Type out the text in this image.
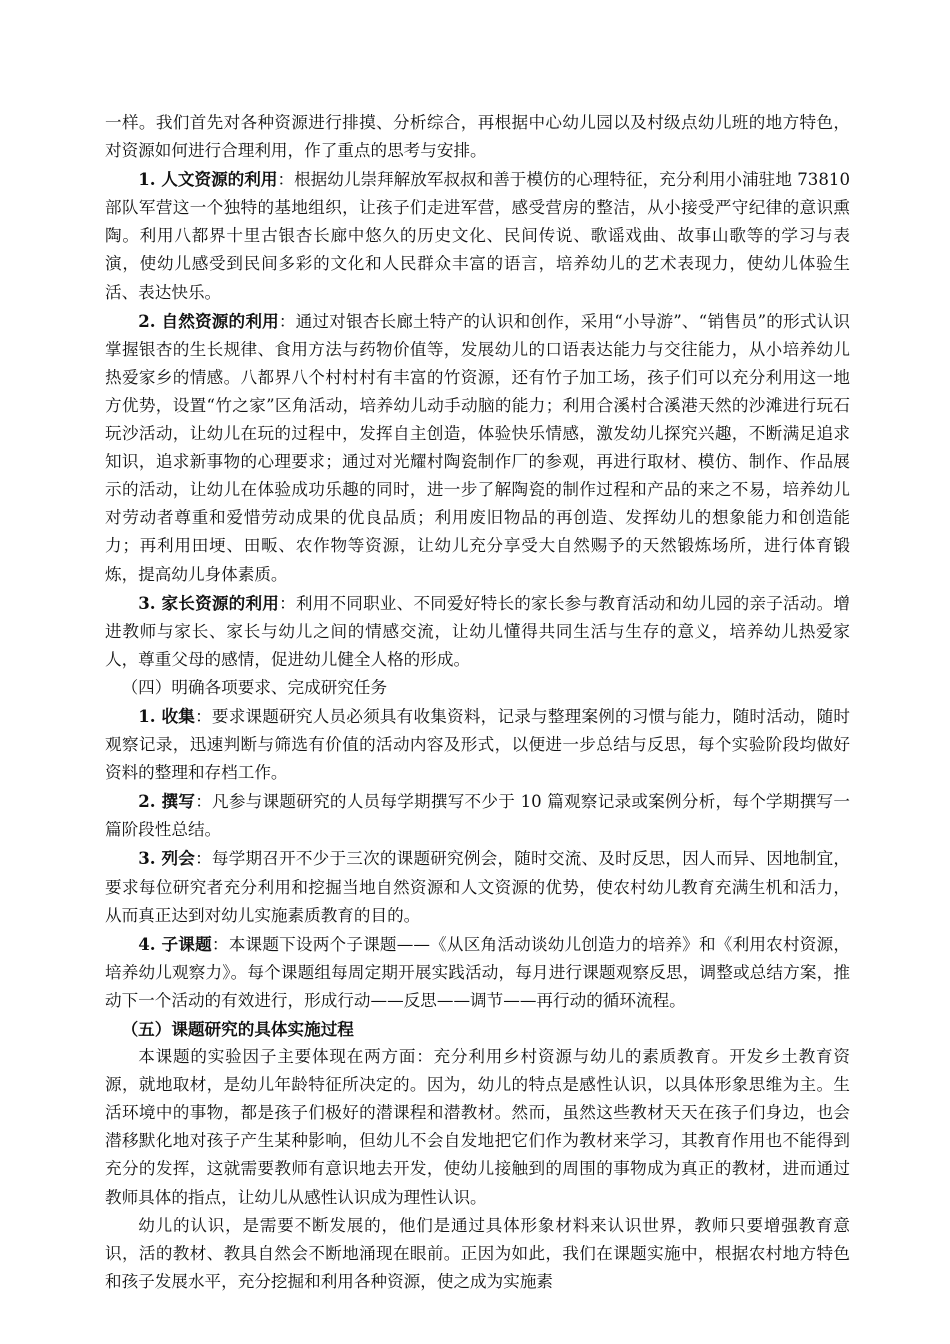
一样。我们首先对各种资源进行排摸、分析综合，再根据中心幼儿园以及村级点幼儿班的地方特色，对资源如何进行合理利用，作了重点的思考与安排。

1. 人文资源的利用：根据幼儿崇拜解放军叔叔和善于模仿的心理特征，充分利用小浦驻地 73810 部队军营这一个独特的基地组织，让孩子们走进军营，感受营房的整洁，从小接受严守纪律的意识熏陶。利用八都界十里古银杏长廊中悠久的历史文化、民间传说、歌谣戏曲、故事山歌等的学习与表演，使幼儿感受到民间多彩的文化和人民群众丰富的语言，培养幼儿的艺术表现力，使幼儿体验生活、表达快乐。

2. 自然资源的利用：通过对银杏长廊土特产的认识和创作，采用“小导游”、“销售员”的形式认识掌握银杏的生长规律、食用方法与药物价值等，发展幼儿的口语表达能力与交往能力，从小培养幼儿热爱家乡的情感。八都界八个村村村有丰富的竹资源，还有竹子加工场，孩子们可以充分利用这一地方优势，设置“竹之家”区角活动，培养幼儿动手动脑的能力；利用合溪村合溪港天然的沙滩进行玩石玩沙活动，让幼儿在玩的过程中，发挥自主创造，体验快乐情感，激发幼儿探究兴趣，不断满足追求知识，追求新事物的心理要求；通过对光耀村陶瓷制作厂的参观，再进行取材、模仿、制作、作品展示的活动，让幼儿在体验成功乐趣的同时，进一步了解陶瓷的制作过程和产品的来之不易，培养幼儿对劳动者尊重和爱惜劳动成果的优良品质；利用废旧物品的再创造、发挥幼儿的想象能力和创造能力；再利用田埂、田畈、农作物等资源，让幼儿充分享受大自然赐予的天然锻炼场所，进行体育锻炼，提高幼儿身体素质。

3. 家长资源的利用：利用不同职业、不同爱好特长的家长参与教育活动和幼儿园的亲子活动。增进教师与家长、家长与幼儿之间的情感交流，让幼儿懂得共同生活与生存的意义，培养幼儿热爱家人，尊重父母的感情，促进幼儿健全人格的形成。

（四）明确各项要求、完成研究任务

1. 收集：要求课题研究人员必须具有收集资料，记录与整理案例的习惯与能力，随时活动，随时观察记录，迅速判断与筛选有价值的活动内容及形式，以便进一步总结与反思，每个实验阶段均做好资料的整理和存档工作。

2. 撰写：凡参与课题研究的人员每学期撰写不少于 10 篇观察记录或案例分析，每个学期撰写一篇阶段性总结。

3. 列会：每学期召开不少于三次的课题研究例会，随时交流、及时反思，因人而异、因地制宜，要求每位研究者充分利用和挖掘当地自然资源和人文资源的优势，使农村幼儿教育充满生机和活力，从而真正达到对幼儿实施素质教育的目的。

4. 子课题：本课题下设两个子课题——《从区角活动谈幼儿创造力的培养》和《利用农村资源，培养幼儿观察力》。每个课题组每周定期开展实践活动，每月进行课题观察反思，调整或总结方案，推动下一个活动的有效进行，形成行动——反思——调节——再行动的循环流程。

（五）课题研究的具体实施过程

本课题的实验因子主要体现在两方面：充分利用乡村资源与幼儿的素质教育。开发乡土教育资源，就地取材，是幼儿年龄特征所决定的。因为，幼儿的特点是感性认识，以具体形象思维为主。生活环境中的事物，都是孩子们极好的潜课程和潜教材。然而，虽然这些教材天天在孩子们身边，也会潜移默化地对孩子产生某种影响，但幼儿不会自发地把它们作为教材来学习，其教育作用也不能得到充分的发挥，这就需要教师有意识地去开发，使幼儿接触到的周围的事物成为真正的教材，进而通过教师具体的指点，让幼儿从感性认识成为理性认识。

幼儿的认识，是需要不断发展的，他们是通过具体形象材料来认识世界，教师只要增强教育意识，活的教材、教具自然会不断地涌现在眼前。正因为如此，我们在课题实施中，根据农村地方特色和孩子发展水平，充分挖掘和利用各种资源，使之成为实施素
